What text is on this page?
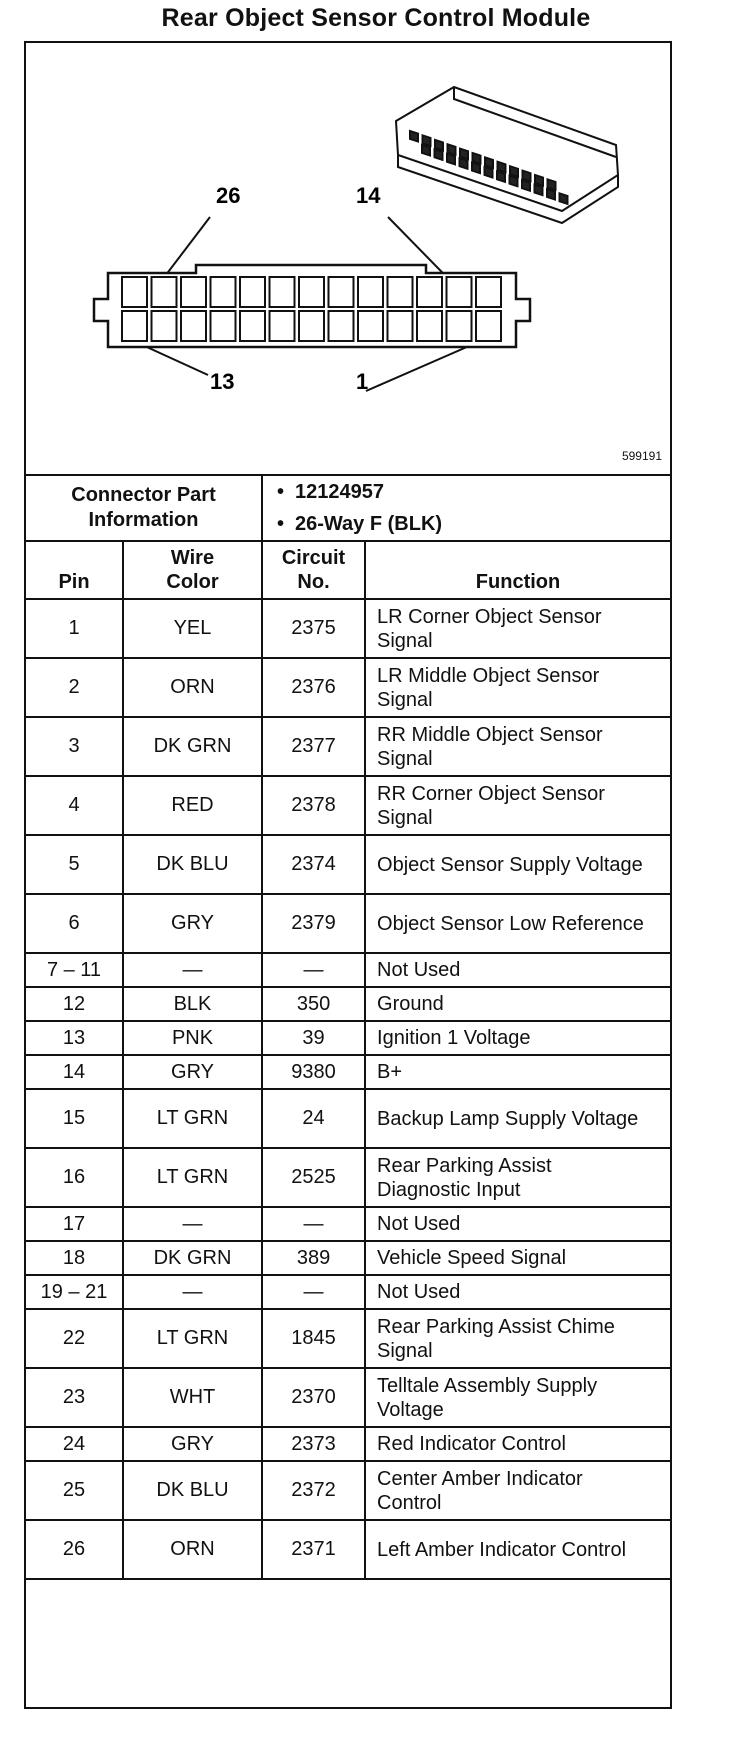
Rear Object Sensor Control Module
26	14
13	1
599191
Connector Part Information		• 12124957
• 26-Way F (BLK)	

Pin	Wire Color	Circuit No.	Function
1	YEL	2375	LR Corner Object Sensor Signal
2	ORN	2376	LR Middle Object Sensor Signal
3	DK GRN	2377	RR Middle Object Sensor Signal
4	RED	2378	RR Corner Object Sensor Signal
5	DK BLU	2374	Object Sensor Supply Voltage
6	GRY	2379	Object Sensor Low Reference
7 – 11	—	—	Not Used
12	BLK	350	Ground
13	PNK	39	Ignition 1 Voltage
14	GRY	9380	B+
15	LT GRN	24	Backup Lamp Supply Voltage
16	LT GRN	2525	Rear Parking Assist Diagnostic Input
17	—	—	Not Used
18	DK GRN	389	Vehicle Speed Signal
19 – 21	—	—	Not Used
22	LT GRN	1845	Rear Parking Assist Chime Signal
23	WHT	2370	Telltale Assembly Supply Voltage
24	GRY	2373	Red Indicator Control
25	DK BLU	2372	Center Amber Indicator Control
26	ORN	2371	Left Amber Indicator Control
